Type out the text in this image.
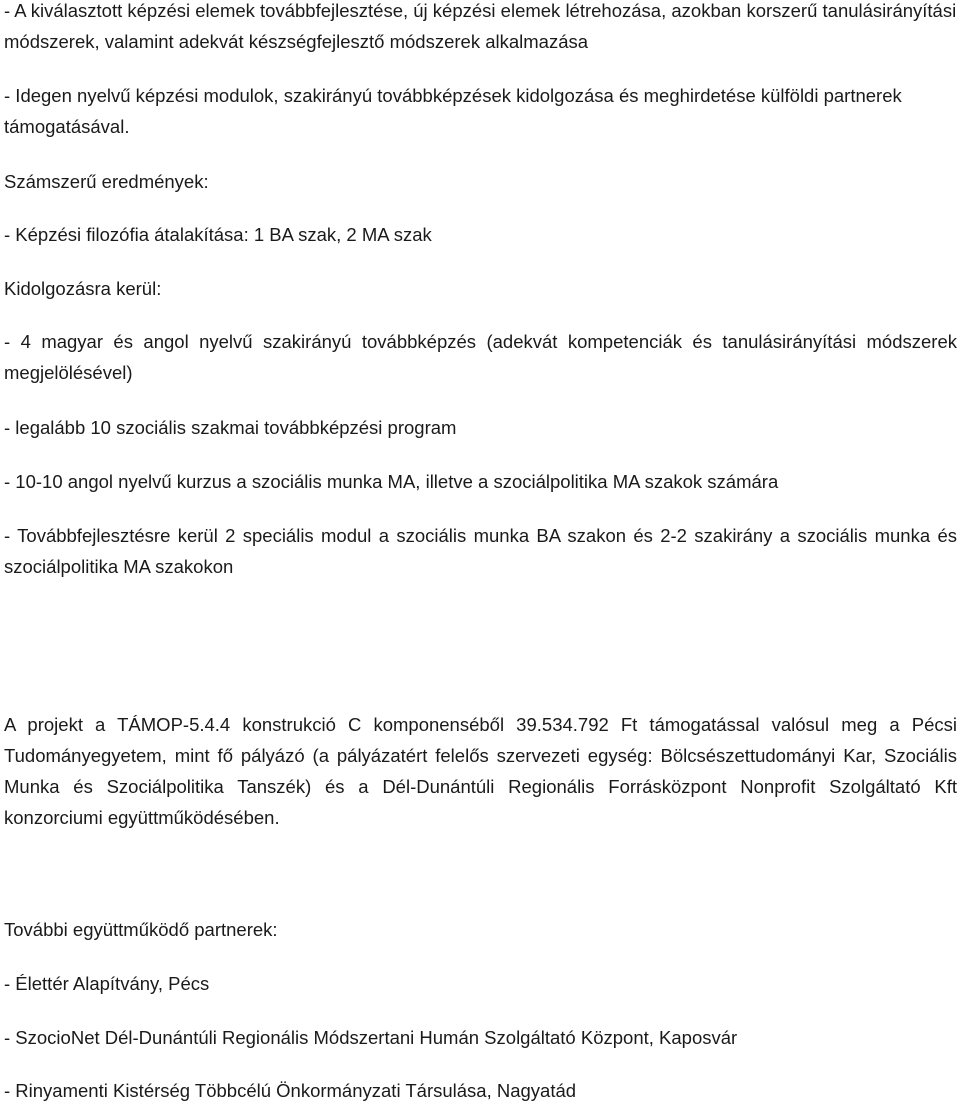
- A kiválasztott képzési elemek továbbfejlesztése, új képzési elemek létrehozása, azokban korszerű tanulásirányítási módszerek, valamint adekvát készségfejlesztő módszerek alkalmazása

- Idegen nyelvű képzési modulok, szakirányú továbbképzések kidolgozása és meghirdetése külföldi partnerek támogatásával.

Számszerű eredmények:

- Képzési filozófia átalakítása: 1 BA szak, 2 MA szak

Kidolgozásra kerül:

- 4 magyar és angol nyelvű szakirányú továbbképzés (adekvát kompetenciák és tanulásirányítási módszerek megjelölésével)

- legalább 10 szociális szakmai továbbképzési program

- 10-10 angol nyelvű kurzus a szociális munka MA, illetve a szociálpolitika MA szakok számára

- Továbbfejlesztésre kerül 2 speciális modul a szociális munka BA szakon és 2-2 szakirány a szociális munka és szociálpolitika MA szakokon

A projekt a TÁMOP-5.4.4 konstrukció C komponenséből 39.534.792 Ft támogatással valósul meg a Pécsi Tudományegyetem, mint fő pályázó (a pályázatért felelős szervezeti egység: Bölcsészettudományi Kar, Szociális Munka és Szociálpolitika Tanszék) és a Dél-Dunántúli Regionális Forrásközpont Nonprofit Szolgáltató Kft konzorciumi együttműködésében.

További együttműködő partnerek:

- Élettér Alapítvány, Pécs

- SzocioNet Dél-Dunántúli Regionális Módszertani Humán Szolgáltató Központ, Kaposvár

- Rinyamenti Kistérség Többcélú Önkormányzati Társulása, Nagyatád
